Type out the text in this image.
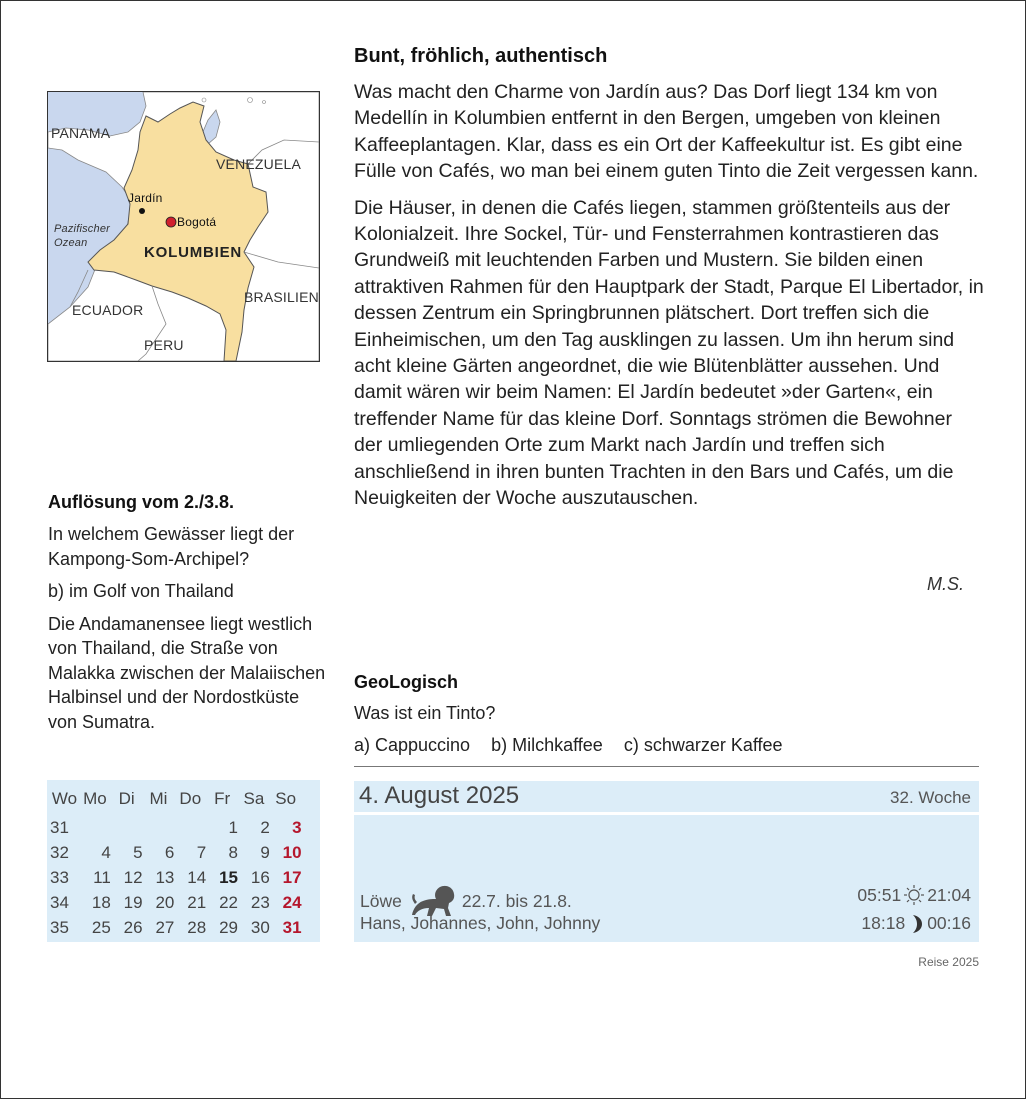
PANAMA
VENEZUELA
Jardín
Bogotá
Pazifischer
Ozean
KOLUMBIEN
BRASILIEN
ECUADOR
PERU
Auflösung vom 2./3.8.

In welchem Gewässer liegt der Kampong-Som-Archipel?

b) im Golf von Thailand

Die Andamanensee liegt westlich von Thailand, die Straße von Malakka zwischen der Malaiischen Halbinsel und der Nordostküste von Sumatra.

Bunt, fröhlich, authentisch

Was macht den Charme von Jardín aus? Das Dorf liegt 134 km von Medellín in Kolumbien entfernt in den Bergen, umgeben von kleinen Kaffeeplantagen. Klar, dass es ein Ort der Kaffeekultur ist. Es gibt eine Fülle von Cafés, wo man bei einem guten Tinto die Zeit vergessen kann.

Die Häuser, in denen die Cafés liegen, stammen größtenteils aus der Kolonialzeit. Ihre Sockel, Tür- und Fensterrahmen kontrastieren das Grundweiß mit leuchtenden Farben und Mustern. Sie bilden einen attraktiven Rahmen für den Hauptpark der Stadt, Parque El Libertador, in dessen Zentrum ein Springbrunnen plätschert. Dort treffen sich die Einheimischen, um den Tag ausklingen zu lassen. Um ihn herum sind acht kleine Gärten angeordnet, die wie Blütenblätter aussehen. Und damit wären wir beim Namen: El Jardín bedeutet »der Garten«, ein treffender Name für das kleine Dorf. Sonntags strömen die Bewohner der umliegenden Orte zum Markt nach Jardín und treffen sich anschließend in ihren bunten Trachten in den Bars und Cafés, um die Neuigkeiten der Woche auszutauschen.

M.S.
GeoLogisch

Was ist ein Tinto?

a) Cappuccino b) Milchkaffee c) schwarzer Kaffee

Wo	Mo	Di	Mi	Do	Fr	Sa	So

31					1	2	3
32	4	5	6	7	8	9	10
33	11	12	13	14	15	16	17
34	18	19	20	21	22	23	24
35	25	26	27	28	29	30	31
4. August 2025	32. Woche
Löwe	22.7. bis 21.8.
Hans, Johannes, John, Johnny
05:51 21:04
18:18 00:16
Reise 2025
